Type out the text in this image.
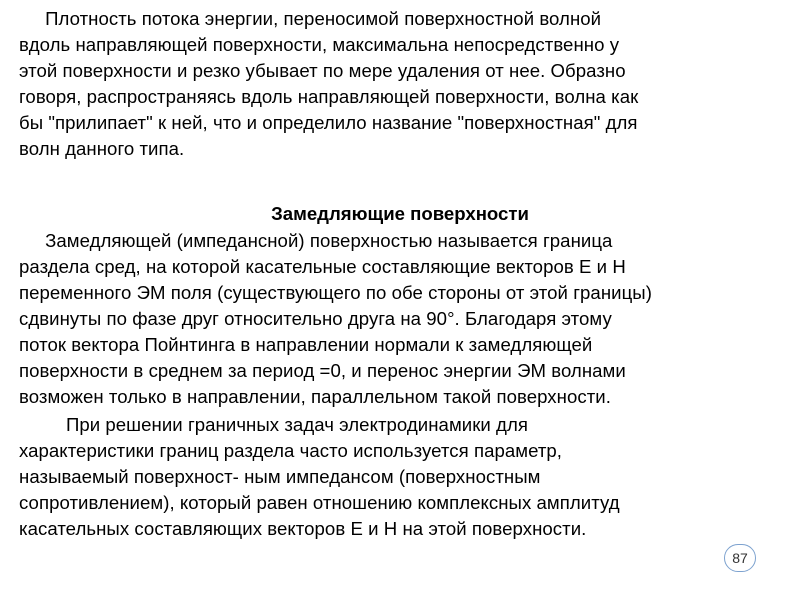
Плотность потока энергии, переносимой поверхностной волной
вдоль направляющей поверхности, максимальна непосредственно у
этой поверхности и резко убывает по мере удаления от нее. Образно
говоря, распространяясь вдоль направляющей поверхности, волна как
бы "прилипает" к ней, что и определило название "поверхностная" для
волн данного типа.
Замедляющие поверхности
Замедляющей (импедансной) поверхностью называется граница
раздела сред, на которой касательные составляющие векторов Е и Н
переменного ЭМ поля (существующего по обе стороны от этой границы)
сдвинуты по фазе друг относительно друга на 90°. Благодаря этому
поток вектора Пойнтинга в направлении нормали к замедляющей
поверхности в среднем за период =0, и перенос энергии ЭМ волнами
возможен только в направлении, параллельном такой поверхности.
При решении граничных задач электродинамики для
характеристики границ раздела часто используется параметр,
называемый поверхност- ным импедансом (поверхностным
сопротивлением), который равен отношению комплексных амплитуд
касательных составляющих векторов Е и Н на этой поверхности.
87
